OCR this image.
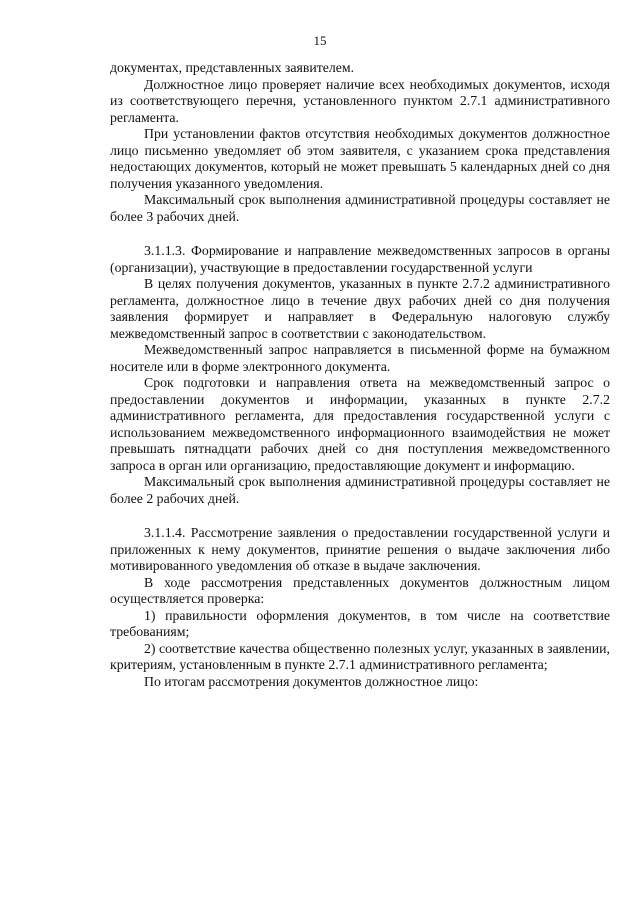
15

документах, представленных заявителем.

Должностное лицо проверяет наличие всех необходимых документов, исходя из соответствующего перечня, установленного пунктом 2.7.1 административного регламента.

При установлении фактов отсутствия необходимых документов должностное лицо письменно уведомляет об этом заявителя, с указанием срока представления недостающих документов, который не может превышать 5 календарных дней со дня получения указанного уведомления.

Максимальный срок выполнения административной процедуры составляет не более 3 рабочих дней.

3.1.1.3. Формирование и направление межведомственных запросов в органы (организации), участвующие в предоставлении государственной услуги

В целях получения документов, указанных в пункте 2.7.2 административного регламента, должностное лицо в течение двух рабочих дней со дня получения заявления формирует и направляет в Федеральную налоговую службу межведомственный запрос в соответствии с законодательством.

Межведомственный запрос направляется в письменной форме на бумажном носителе или в форме электронного документа.

Срок подготовки и направления ответа на межведомственный запрос о предоставлении документов и информации, указанных в пункте 2.7.2 административного регламента, для предоставления государственной услуги с использованием межведомственного информационного взаимодействия не может превышать пятнадцати рабочих дней со дня поступления межведомственного запроса в орган или организацию, предоставляющие документ и информацию.

Максимальный срок выполнения административной процедуры составляет не более 2 рабочих дней.

3.1.1.4. Рассмотрение заявления о предоставлении государственной услуги и приложенных к нему документов, принятие решения о выдаче заключения либо мотивированного уведомления об отказе в выдаче заключения.

В ходе рассмотрения представленных документов должностным лицом осуществляется проверка:

1) правильности оформления документов, в том числе на соответствие требованиям;

2) соответствие качества общественно полезных услуг, указанных в заявлении, критериям, установленным в пункте 2.7.1 административного регламента;

По итогам рассмотрения документов должностное лицо:
